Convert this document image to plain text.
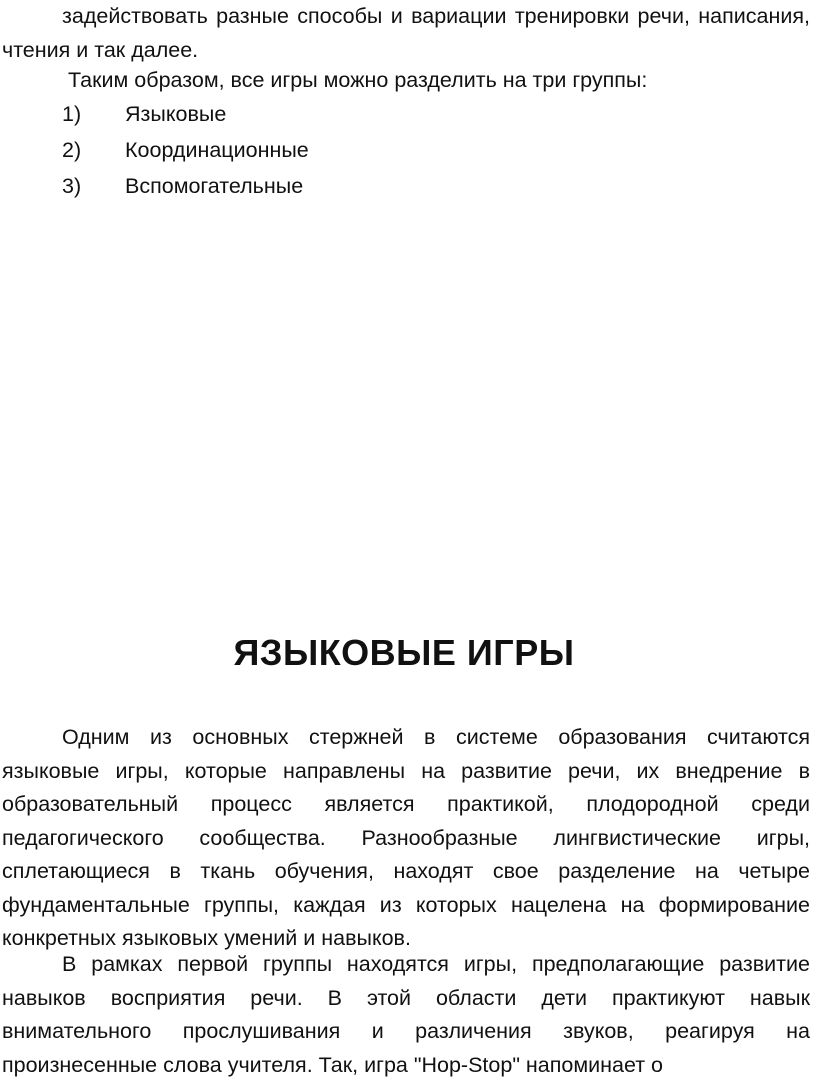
задействовать разные способы и вариации тренировки речи, написания, чтения и так далее.

Таким образом, все игры можно разделить на три группы:

1) Языковые
2) Координационные
3) Вспомогательные
ЯЗЫКОВЫЕ ИГРЫ

Одним из основных стержней в системе образования считаются языковые игры, которые направлены на развитие речи, их внедрение в образовательный процесс является практикой, плодородной среди педагогического сообщества. Разнообразные лингвистические игры, сплетающиеся в ткань обучения, находят свое разделение на четыре фундаментальные группы, каждая из которых нацелена на формирование конкретных языковых умений и навыков.

В рамках первой группы находятся игры, предполагающие развитие навыков восприятия речи. В этой области дети практикуют навык внимательного прослушивания и различения звуков, реагируя на произнесенные слова учителя. Так, игра "Hop-Stop" напоминает о
